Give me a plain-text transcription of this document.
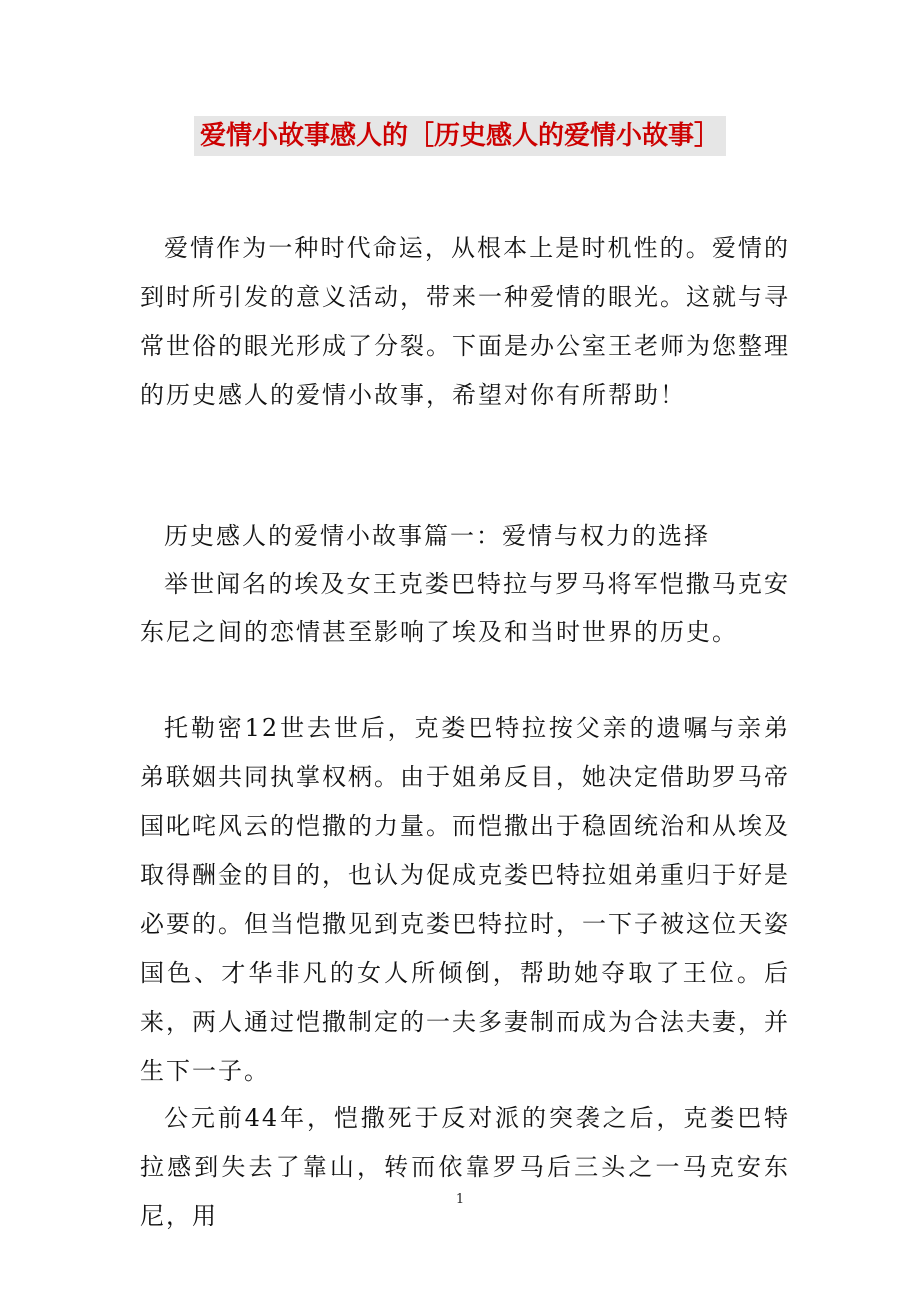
爱情小故事感人的［历史感人的爱情小故事］

爱情作为一种时代命运，从根本上是时机性的。爱情的到时所引发的意义活动，带来一种爱情的眼光。这就与寻常世俗的眼光形成了分裂。下面是办公室王老师为您整理的历史感人的爱情小故事，希望对你有所帮助！

历史感人的爱情小故事篇一：爱情与权力的选择
举世闻名的埃及女王克娄巴特拉与罗马将军恺撒马克安东尼之间的恋情甚至影响了埃及和当时世界的历史。

托勒密12世去世后，克娄巴特拉按父亲的遗嘱与亲弟弟联姻共同执掌权柄。由于姐弟反目，她决定借助罗马帝国叱咤风云的恺撒的力量。而恺撒出于稳固统治和从埃及取得酬金的目的，也认为促成克娄巴特拉姐弟重归于好是必要的。但当恺撒见到克娄巴特拉时，一下子被这位天姿国色、才华非凡的女人所倾倒，帮助她夺取了王位。后来，两人通过恺撒制定的一夫多妻制而成为合法夫妻，并生下一子。

公元前44年，恺撒死于反对派的突袭之后，克娄巴特拉感到失去了靠山，转而依靠罗马后三头之一马克安东尼，用

1
